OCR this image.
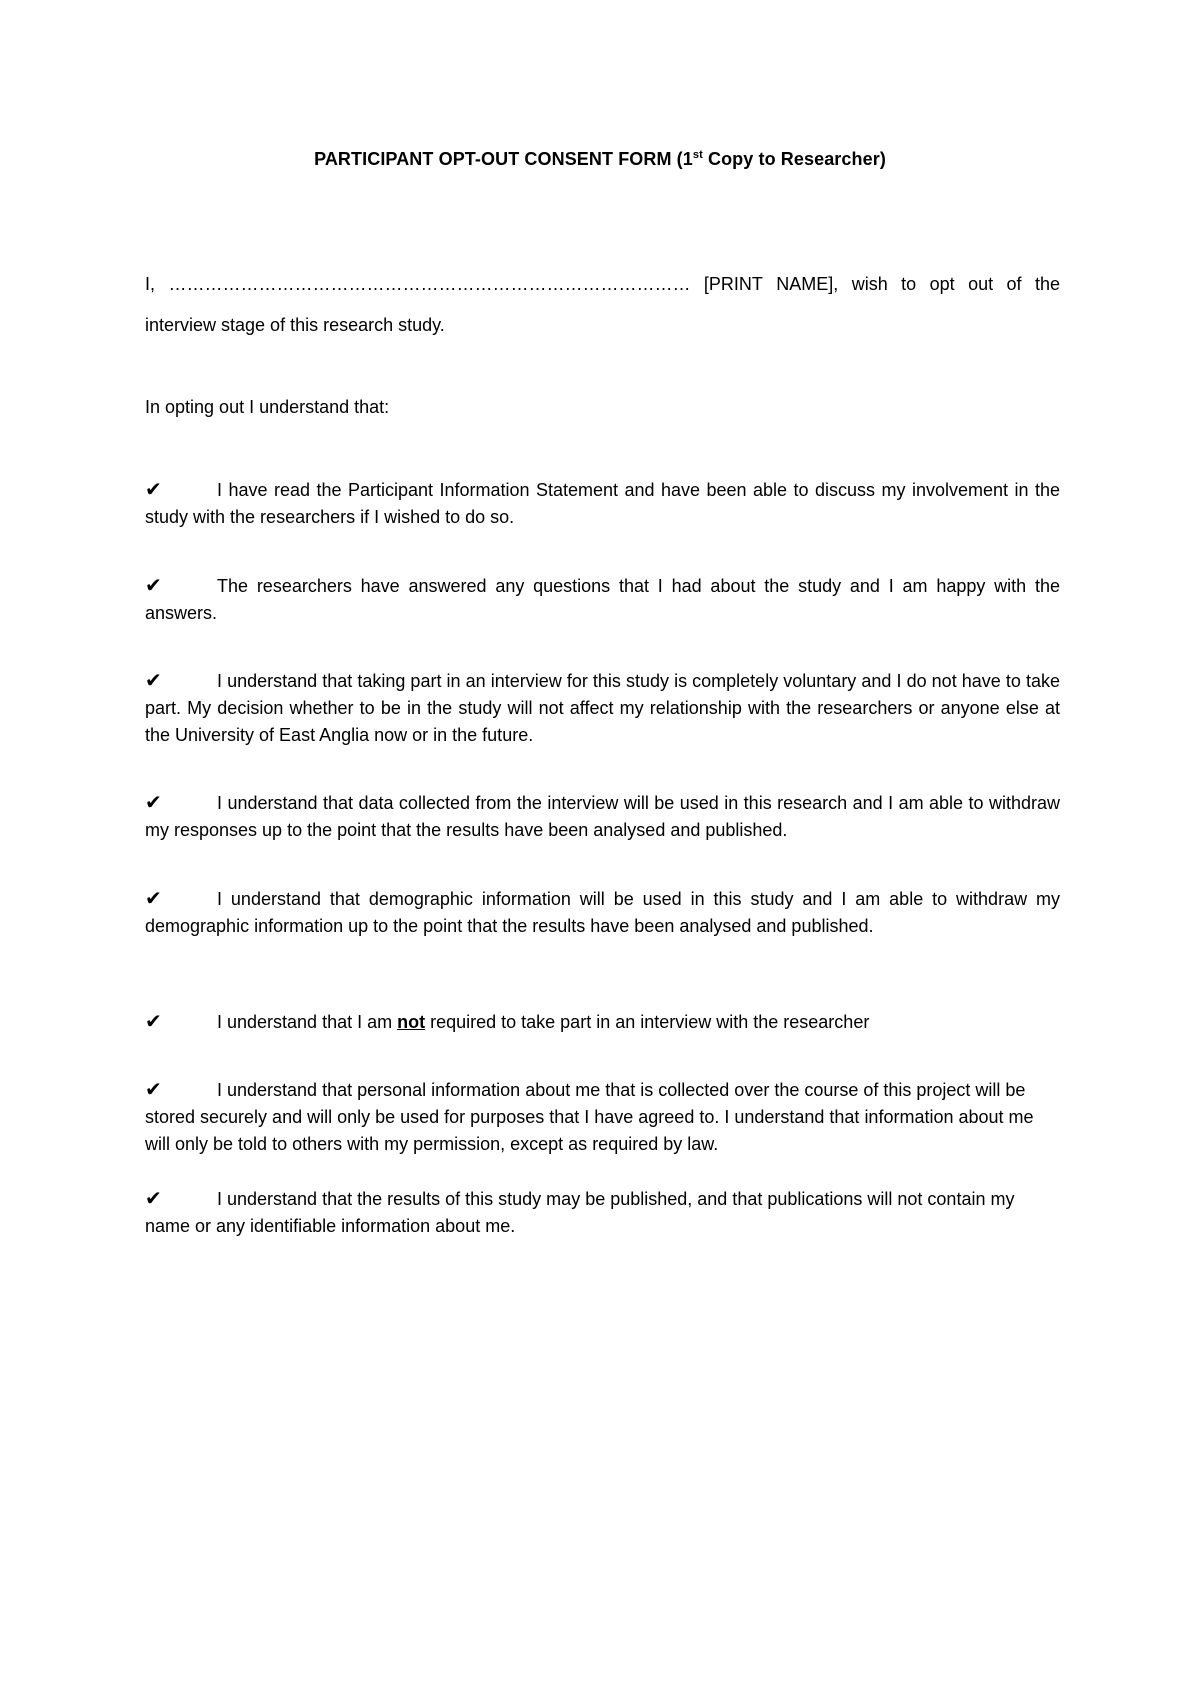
PARTICIPANT OPT-OUT CONSENT FORM (1st Copy to Researcher)
I, …………………………………………………………………………… [PRINT NAME], wish to opt out of the
interview stage of this research study.
In opting out I understand that:
✔	I have read the Participant Information Statement and have been able to discuss my involvement in the study with the researchers if I wished to do so.
✔	The researchers have answered any questions that I had about the study and I am happy with the answers.
✔	I understand that taking part in an interview for this study is completely voluntary and I do not have to take part. My decision whether to be in the study will not affect my relationship with the researchers or anyone else at the University of East Anglia now or in the future.
✔	I understand that data collected from the interview will be used in this research and I am able to withdraw my responses up to the point that the results have been analysed and published.
✔	I understand that demographic information will be used in this study and I am able to withdraw my demographic information up to the point that the results have been analysed and published.
✔	I understand that I am not required to take part in an interview with the researcher
✔	I understand that personal information about me that is collected over the course of this project will be stored securely and will only be used for purposes that I have agreed to. I understand that information about me will only be told to others with my permission, except as required by law.
✔	I understand that the results of this study may be published, and that publications will not contain my name or any identifiable information about me.
